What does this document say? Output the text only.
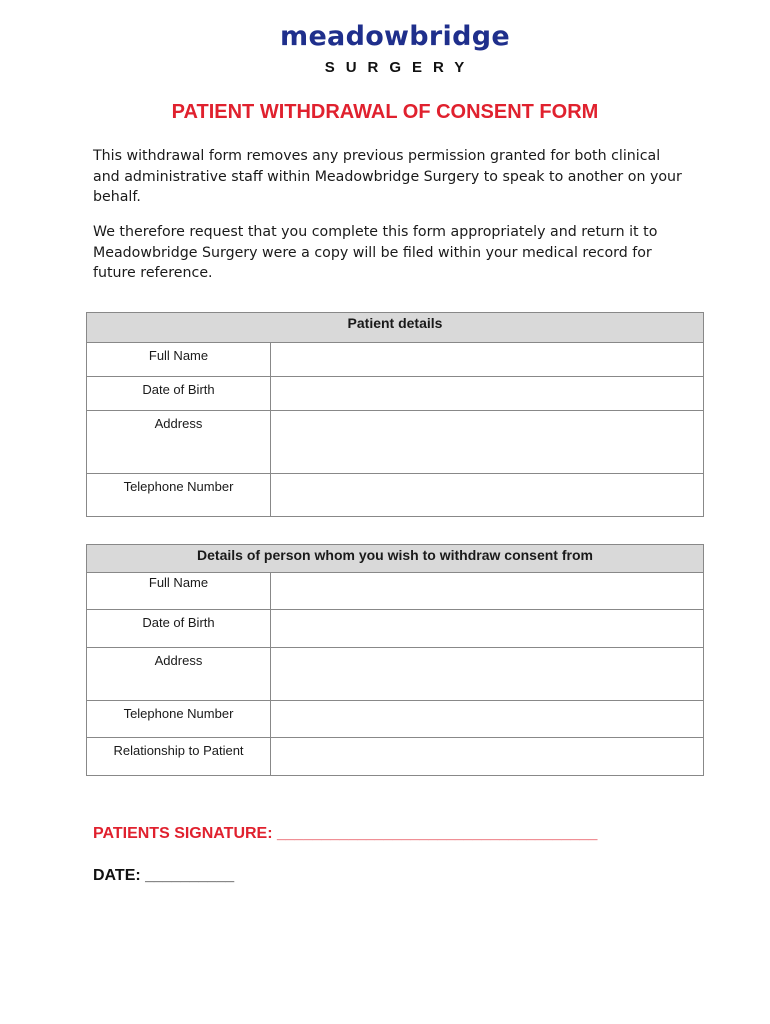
meadowbridge
SURGERY
PATIENT WITHDRAWAL OF CONSENT FORM

This withdrawal form removes any previous permission granted for both clinical and administrative staff within Meadowbridge Surgery to speak to another on your behalf.

We therefore request that you complete this form appropriately and return it to Meadowbridge Surgery were a copy will be filed within your medical record for future reference.

Patient details	
Full Name	
Date of Birth	
Address	
Telephone Number	
Details of person whom you wish to withdraw consent from	
Full Name	
Date of Birth	
Address	
Telephone Number	
Relationship to Patient	
PATIENTS SIGNATURE: ____________________________________
DATE: __________
